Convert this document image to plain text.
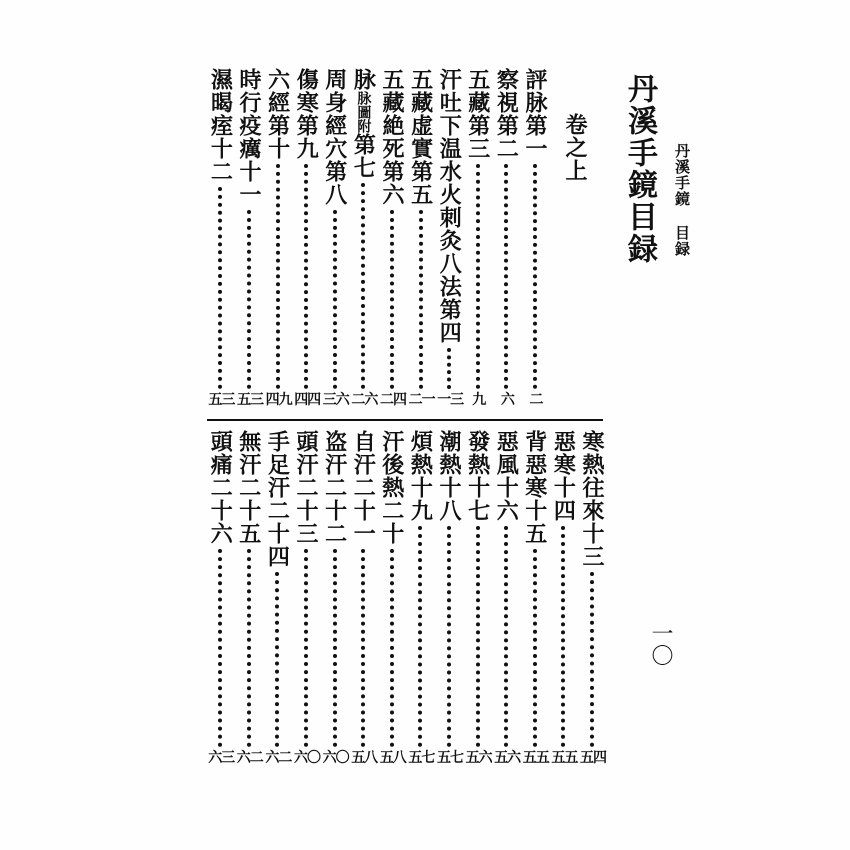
丹溪手鏡目録
丹溪手鏡目録
卷之上
一〇
評脉第一
二
察視第二
六
五藏第三
九
汗吐下温水火刺灸八法第四
一三
五藏虚實第五
二一
五藏絶死第六
二四
脉脉圖附第七
二六
周身經穴第八
三六
傷寒第九
四四
六經第十
四九
時行疫癘十一
五三
濕暍痓十二
五三
寒熱往來十三
五四
惡寒十四
五五
背惡寒十五
五五
惡風十六
五六
發熱十七
五六
潮熱十八
五七
煩熱十九
五七
汗後熱二十
五八
自汗二十一
五八
盗汗二十二
六〇
頭汗二十三
六〇
手足汗二十四
六二
無汗二十五
六二
頭痛二十六
六三
